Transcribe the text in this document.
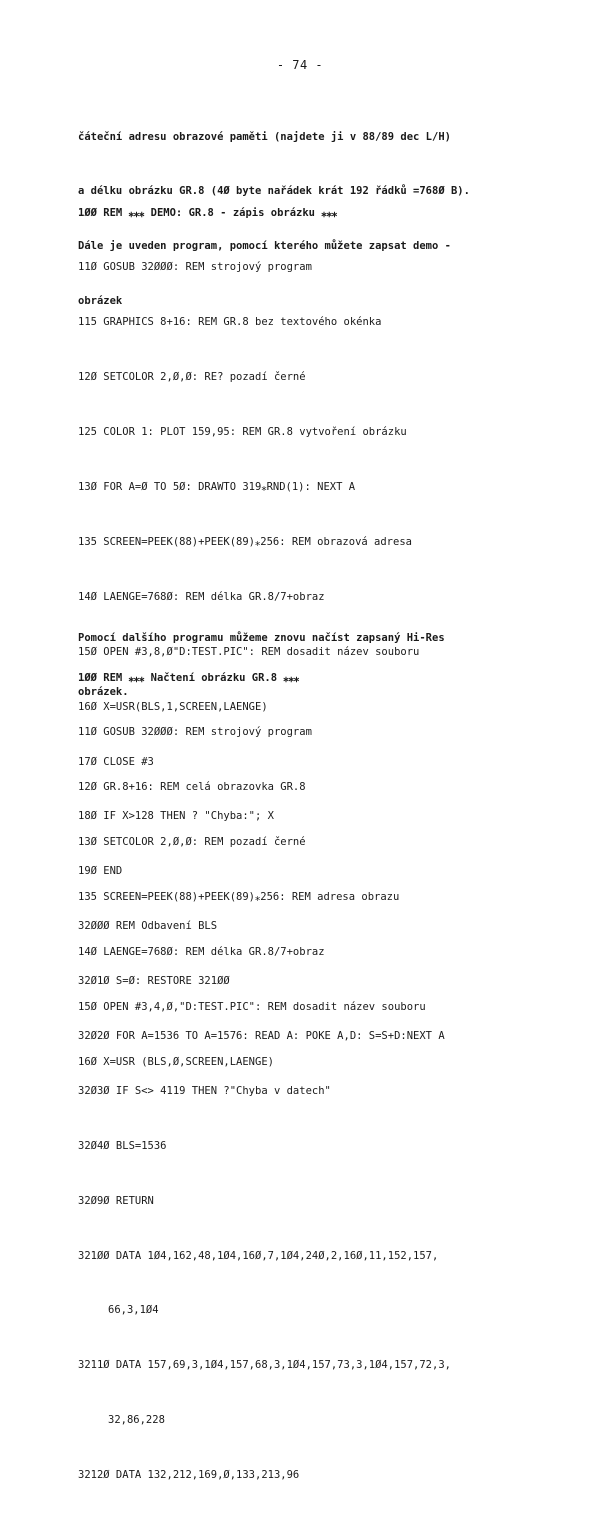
- 74 -

čáteční adresu obrazové paměti (najdete ji v 88/89 dec L/H)

a délku obrázku GR.8 (4Ø byte nařádek krát 192 řádků =768Ø B).

Dále je uveden program, pomocí kterého můžete zapsat demo -

obrázek

1ØØ REM ⁎⁎⁎ DEMO: GR.8 - zápis obrázku ⁎⁎⁎

11Ø GOSUB 32ØØØ: REM strojový program

115 GRAPHICS 8+16: REM GR.8 bez textového okénka

12Ø SETCOLOR 2,Ø,Ø: RE? pozadí černé

125 COLOR 1: PLOT 159,95: REM GR.8 vytvoření obrázku

13Ø FOR A=Ø TO 5Ø: DRAWTO 319⁎RND(1): NEXT A

135 SCREEN=PEEK(88)+PEEK(89)⁎256: REM obrazová adresa

14Ø LAENGE=768Ø: REM délka GR.8/7+obraz

15Ø OPEN #3,8,Ø"D:TEST.PIC": REM dosadit název souboru

16Ø X=USR(BLS,1,SCREEN,LAENGE)

17Ø CLOSE #3

18Ø IF X>128 THEN ? "Chyba:"; X

19Ø END

32ØØØ REM Odbavení BLS

32Ø1Ø S=Ø: RESTORE 321ØØ

32Ø2Ø FOR A=1536 TO A=1576: READ A: POKE A,D: S=S+D:NEXT A

32Ø3Ø IF S<> 4119 THEN ?"Chyba v datech"

32Ø4Ø BLS=1536

32Ø9Ø RETURN

321ØØ DATA 1Ø4,162,48,1Ø4,16Ø,7,1Ø4,24Ø,2,16Ø,11,152,157,

66,3,1Ø4

3211Ø DATA 157,69,3,1Ø4,157,68,3,1Ø4,157,73,3,1Ø4,157,72,3,

32,86,228

3212Ø DATA 132,212,169,Ø,133,213,96

Pomocí dalšího programu můžeme znovu načíst zapsaný Hi-Res

obrázek.

1ØØ REM ⁎⁎⁎ Načtení obrázku GR.8 ⁎⁎⁎

11Ø GOSUB 32ØØØ: REM strojový program

12Ø GR.8+16: REM celá obrazovka GR.8

13Ø SETCOLOR 2,Ø,Ø: REM pozadí černé

135 SCREEN=PEEK(88)+PEEK(89)⁎256: REM adresa obrazu

14Ø LAENGE=768Ø: REM délka GR.8/7+obraz

15Ø OPEN #3,4,Ø,"D:TEST.PIC": REM dosadit název souboru

16Ø X=USR (BLS,Ø,SCREEN,LAENGE)
